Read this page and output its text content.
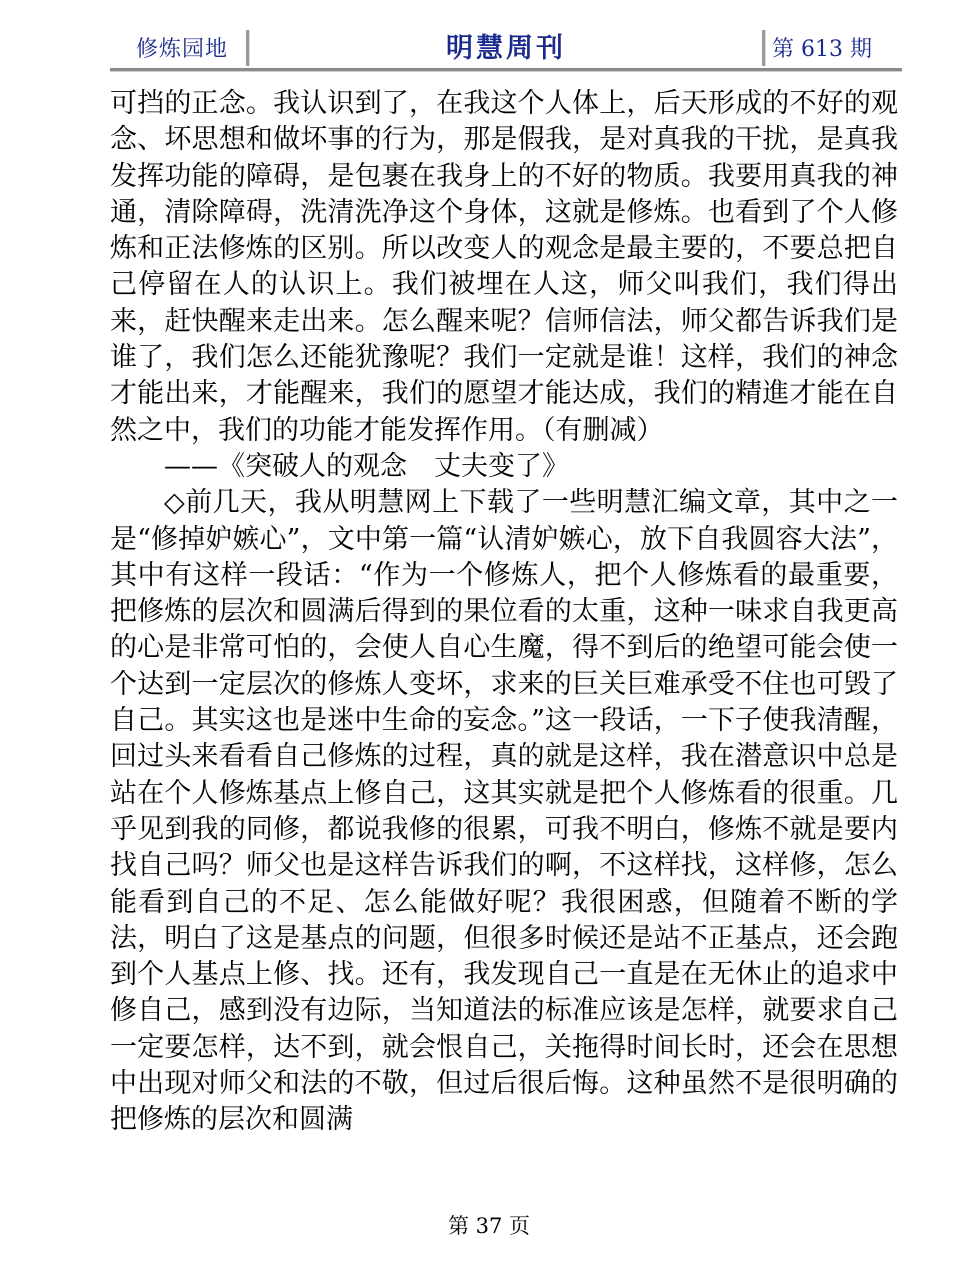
修炼园地	明慧周刊	第 613 期

可挡的正念。我认识到了，在我这个人体上，后天形成的不好的观念、坏思想和做坏事的行为，那是假我，是对真我的干扰，是真我发挥功能的障碍，是包裹在我身上的不好的物质。我要用真我的神通，清除障碍，洗清洗净这个身体，这就是修炼。也看到了个人修炼和正法修炼的区别。所以改变人的观念是最主要的，不要总把自己停留在人的认识上。我们被埋在人这，师父叫我们，我们得出来，赶快醒来走出来。怎么醒来呢？信师信法，师父都告诉我们是谁了，我们怎么还能犹豫呢？我们一定就是谁！这样，我们的神念才能出来，才能醒来，我们的愿望才能达成，我们的精進才能在自然之中，我们的功能才能发挥作用。（有删减）

——《突破人的观念　丈夫变了》

◇前几天，我从明慧网上下载了一些明慧汇编文章，其中之一是“修掉妒嫉心”，文中第一篇“认清妒嫉心，放下自我圆容大法”，其中有这样一段话：“作为一个修炼人，把个人修炼看的最重要，把修炼的层次和圆满后得到的果位看的太重，这种一味求自我更高的心是非常可怕的，会使人自心生魔，得不到后的绝望可能会使一个达到一定层次的修炼人变坏，求来的巨关巨难承受不住也可毁了自己。其实这也是迷中生命的妄念。”这一段话，一下子使我清醒，回过头来看看自己修炼的过程，真的就是这样，我在潜意识中总是站在个人修炼基点上修自己，这其实就是把个人修炼看的很重。几乎见到我的同修，都说我修的很累，可我不明白，修炼不就是要内找自己吗？师父也是这样告诉我们的啊，不这样找，这样修，怎么能看到自己的不足、怎么能做好呢？我很困惑，但随着不断的学法，明白了这是基点的问题，但很多时候还是站不正基点，还会跑到个人基点上修、找。还有，我发现自己一直是在无休止的追求中修自己，感到没有边际，当知道法的标准应该是怎样，就要求自己一定要怎样，达不到，就会恨自己，关拖得时间长时，还会在思想中出现对师父和法的不敬，但过后很后悔。这种虽然不是很明确的把修炼的层次和圆满

第 37 页
